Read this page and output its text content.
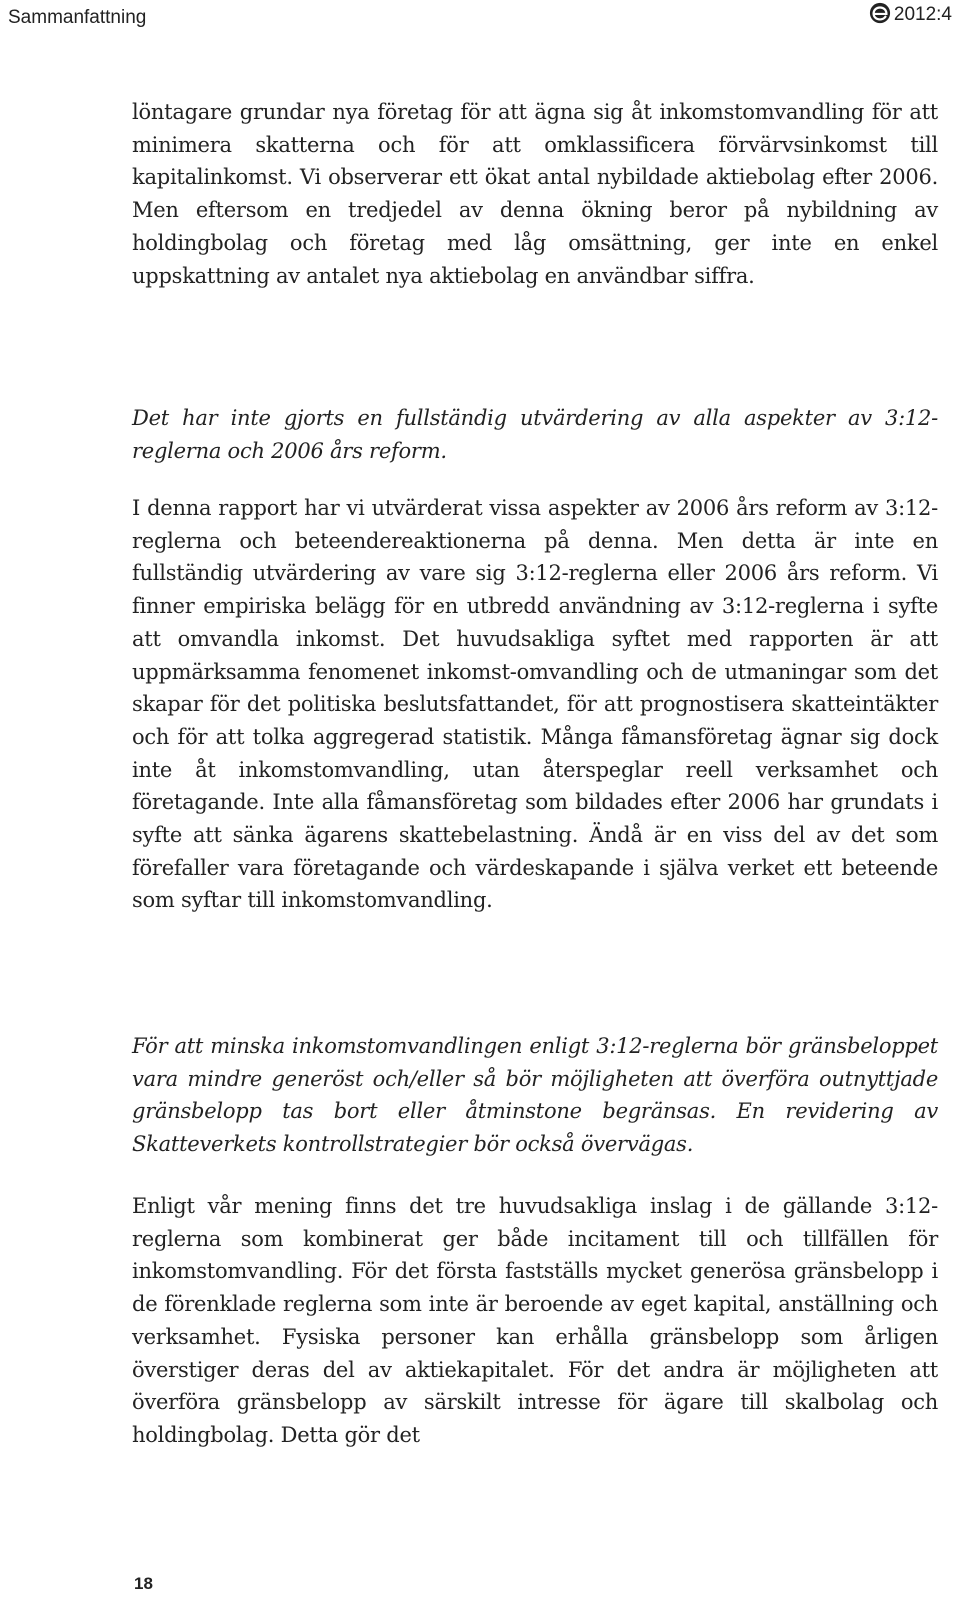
Sammanfattning	2012:4

löntagare grundar nya företag för att ägna sig åt inkomstomvandling för att minimera skatterna och för att omklassificera förvärvsinkomst till kapitalinkomst. Vi observerar ett ökat antal nybildade aktiebolag efter 2006. Men eftersom en tredjedel av denna ökning beror på nybildning av holdingbolag och företag med låg omsättning, ger inte en enkel uppskattning av antalet nya aktiebolag en användbar siffra.

Det har inte gjorts en fullständig utvärdering av alla aspekter av 3:12-reglerna och 2006 års reform.

I denna rapport har vi utvärderat vissa aspekter av 2006 års reform av 3:12-reglerna och beteendereaktionerna på denna. Men detta är inte en fullständig utvärdering av vare sig 3:12-reglerna eller 2006 års reform. Vi finner empiriska belägg för en utbredd användning av 3:12-reglerna i syfte att omvandla inkomst. Det huvudsakliga syftet med rapporten är att uppmärksamma fenomenet inkomst-omvandling och de utmaningar som det skapar för det politiska beslutsfattandet, för att prognostisera skatteintäkter och för att tolka aggregerad statistik. Många fåmansföretag ägnar sig dock inte åt inkomstomvandling, utan återspeglar reell verksamhet och företagande. Inte alla fåmansföretag som bildades efter 2006 har grundats i syfte att sänka ägarens skattebelastning. Ändå är en viss del av det som förefaller vara företagande och värdeskapande i själva verket ett beteende som syftar till inkomstomvandling.

För att minska inkomstomvandlingen enligt 3:12-reglerna bör gränsbeloppet vara mindre generöst och/eller så bör möjligheten att överföra outnyttjade gränsbelopp tas bort eller åtminstone begränsas. En revidering av Skatteverkets kontrollstrategier bör också övervägas.

Enligt vår mening finns det tre huvudsakliga inslag i de gällande 3:12-reglerna som kombinerat ger både incitament till och tillfällen för inkomstomvandling. För det första fastställs mycket generösa gränsbelopp i de förenklade reglerna som inte är beroende av eget kapital, anställning och verksamhet. Fysiska personer kan erhålla gränsbelopp som årligen överstiger deras del av aktiekapitalet. För det andra är möjligheten att överföra gränsbelopp av särskilt intresse för ägare till skalbolag och holdingbolag. Detta gör det

18
